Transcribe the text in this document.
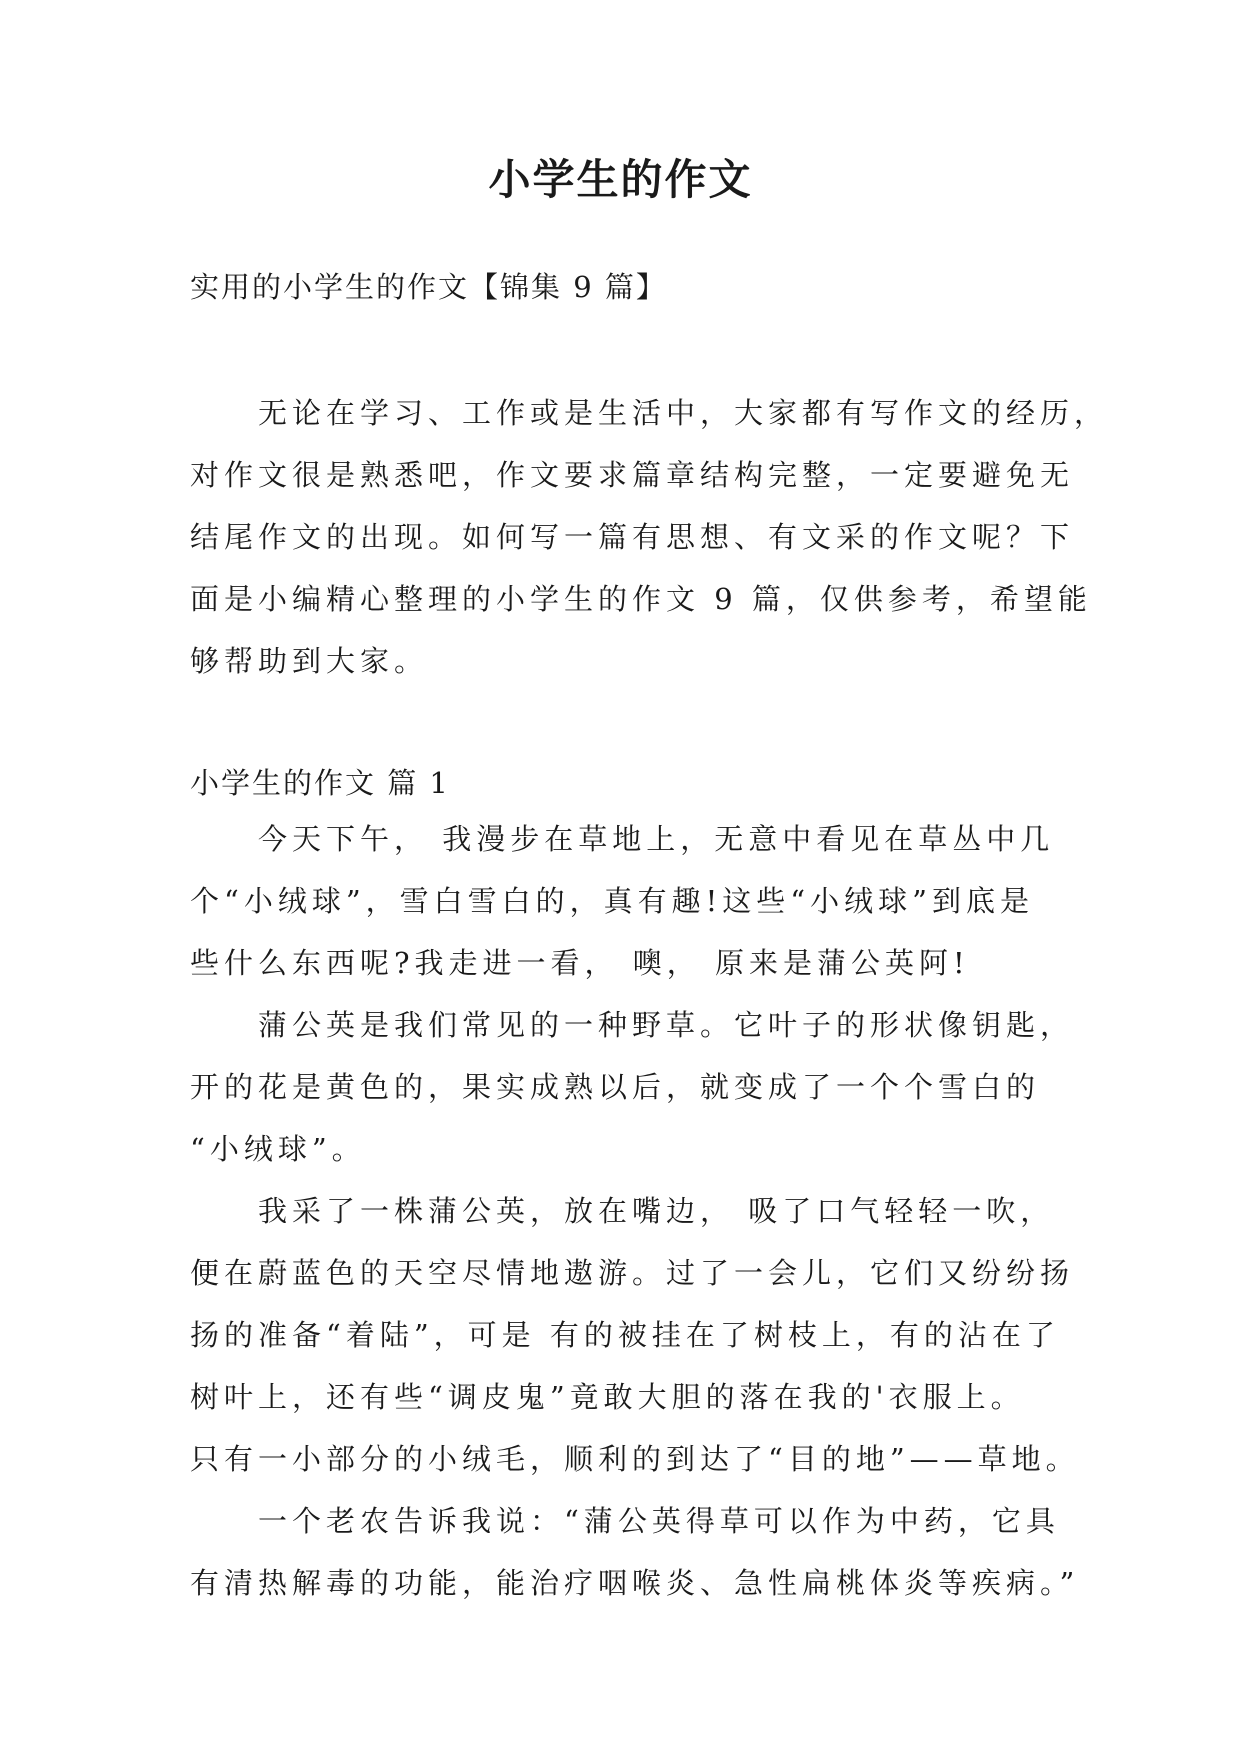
小学生的作文
实用的小学生的作文【锦集 9 篇】
无论在学习、工作或是生活中，大家都有写作文的经历，
对作文很是熟悉吧，作文要求篇章结构完整，一定要避免无
结尾作文的出现。如何写一篇有思想、有文采的作文呢？下
面是小编精心整理的小学生的作文 9 篇，仅供参考，希望能
够帮助到大家。
小学生的作文 篇 1
今天下午， 我漫步在草地上，无意中看见在草丛中几
个“小绒球”，雪白雪白的，真有趣!这些“小绒球”到底是
些什么东西呢?我走进一看， 噢， 原来是蒲公英阿!
蒲公英是我们常见的一种野草。它叶子的形状像钥匙，
开的花是黄色的，果实成熟以后，就变成了一个个雪白的
“小绒球”。
我采了一株蒲公英，放在嘴边， 吸了口气轻轻一吹，
便在蔚蓝色的天空尽情地遨游。过了一会儿，它们又纷纷扬
扬的准备“着陆”，可是 有的被挂在了树枝上，有的沾在了
树叶上，还有些“调皮鬼”竟敢大胆的落在我的'衣服上。
只有一小部分的小绒毛，顺利的到达了“目的地”——草地。
一个老农告诉我说：“蒲公英得草可以作为中药，它具
有清热解毒的功能，能治疗咽喉炎、急性扁桃体炎等疾病。”
